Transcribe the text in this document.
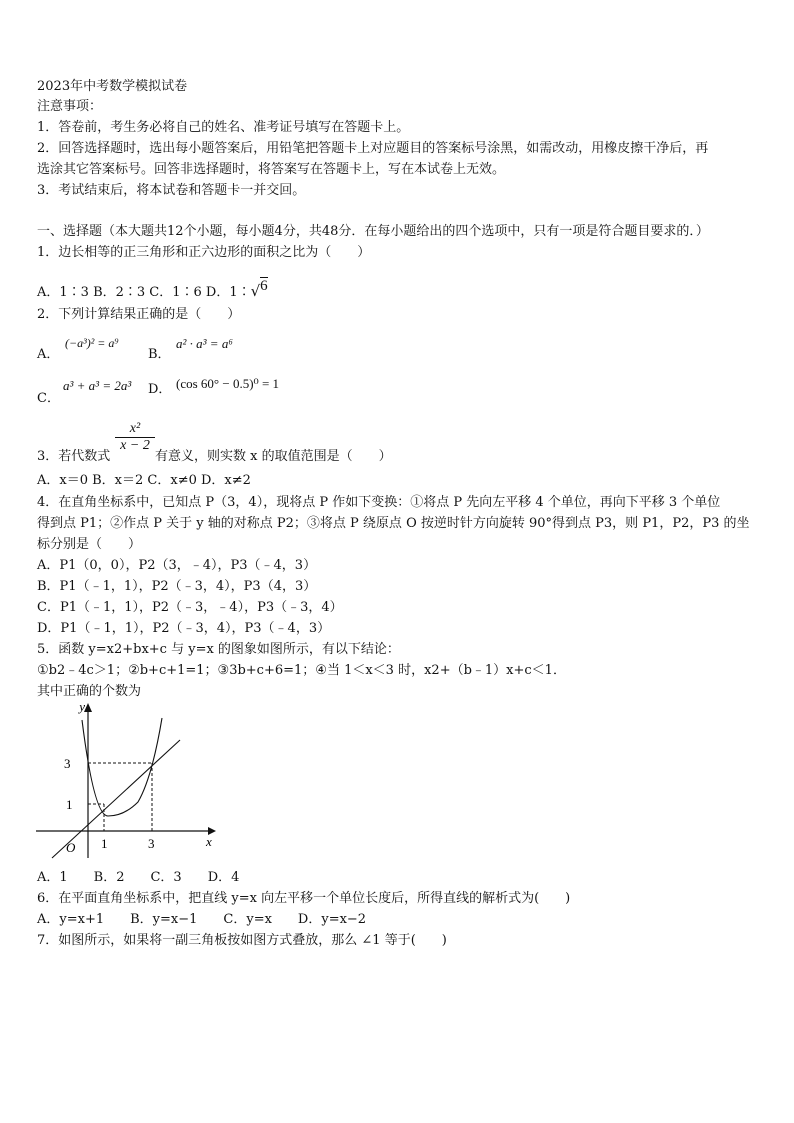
2023年中考数学模拟试卷
注意事项：
1．答卷前，考生务必将自己的姓名、准考证号填写在答题卡上。
2．回答选择题时，选出每小题答案后，用铅笔把答题卡上对应题目的答案标号涂黑，如需改动，用橡皮擦干净后，再
选涂其它答案标号。回答非选择题时，将答案写在答题卡上，写在本试卷上无效。
3．考试结束后，将本试卷和答题卡一并交回。
一、选择题（本大题共12个小题，每小题4分，共48分．在每小题给出的四个选项中，只有一项是符合题目要求的．）
1．边长相等的正三角形和正六边形的面积之比为（　　）
A．1∶3 B．2∶3 C．1∶6 D．1∶√6
2．下列计算结果正确的是（　　）
A．
(−a³)² = a⁹
B．
a² · a³ = a⁶
C．
a³ + a³ = 2a³ D． (cos 60° − 0.5)⁰ = 1
3．若代数式
x²
x − 2
有意义，则实数 x 的取值范围是（　　）
A．x＝0 B．x＝2 C．x≠0 D．x≠2
4．在直角坐标系中，已知点 P（3，4），现将点 P 作如下变换：①将点 P 先向左平移 4 个单位，再向下平移 3 个单位
得到点 P1；②作点 P 关于 y 轴的对称点 P2；③将点 P 绕原点 O 按逆时针方向旋转 90°得到点 P3，则 P1，P2，P3 的坐
标分别是（　　）
A．P1（0，0），P2（3，﹣4），P3（﹣4，3）
B．P1（﹣1，1），P2（﹣3，4），P3（4，3）
C．P1（﹣1，1），P2（﹣3，﹣4），P3（﹣3，4）
D．P1（﹣1，1），P2（﹣3，4），P3（﹣4，3）
5．函数 y=x2+bx+c 与 y=x 的图象如图所示，有以下结论：
①b2﹣4c＞1；②b+c+1=1；③3b+c+6=1；④当 1＜x＜3 时，x2+（b﹣1）x+c＜1．
其中正确的个数为
y
x
O 1	3
3
1
A．1　　B．2　　C．3　　D．4
6．在平面直角坐标系中，把直线 y=x 向左平移一个单位长度后，所得直线的解析式为(　　)
A．y=x+1　　B．y=x−1　　C．y=x　　D．y=x−2
7．如图所示，如果将一副三角板按如图方式叠放，那么 ∠1 等于(　　)
